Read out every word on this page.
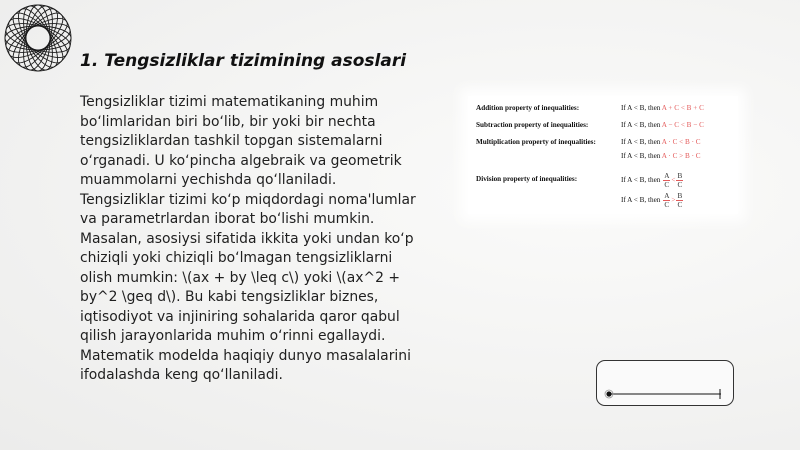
1. Tengsizliklar tizimining asoslari

Tengsizliklar tizimi matematikaning muhim bo‘limlaridan biri bo‘lib, bir yoki bir nechta tengsizliklardan tashkil topgan sistemalarni o‘rganadi. U ko‘pincha algebraik va geometrik muammolarni yechishda qo‘llaniladi. Tengsizliklar tizimi ko‘p miqdordagi noma'lumlar va parametrlardan iborat bo‘lishi mumkin. Masalan, asosiysi sifatida ikkita yoki undan ko‘p chiziqli yoki chiziqli bo‘lmagan tengsizliklarni olish mumkin: \(ax + by \leq c\) yoki \(ax^2 + by^2 \geq d\). Bu kabi tengsizliklar biznes, iqtisodiyot va injiniring sohalarida qaror qabul qilish jarayonlarida muhim o‘rinni egallaydi. Matematik modelda haqiqiy dunyo masalalarini ifodalashda keng qo‘llaniladi.

Addition property of inequalities:	If A < B, then A + C < B + C
Subtraction property of inequalities:	If A < B, then A − C < B − C
Multiplication property of inequalities:	If A < B, then A · C < B · C
If A < B, then A · C > B · C
Division property of inequalities:	If A < B, then $\frac{A}{C} < \frac{B}{C}$
If A < B, then $\frac{A}{C} > \frac{B}{C}$
